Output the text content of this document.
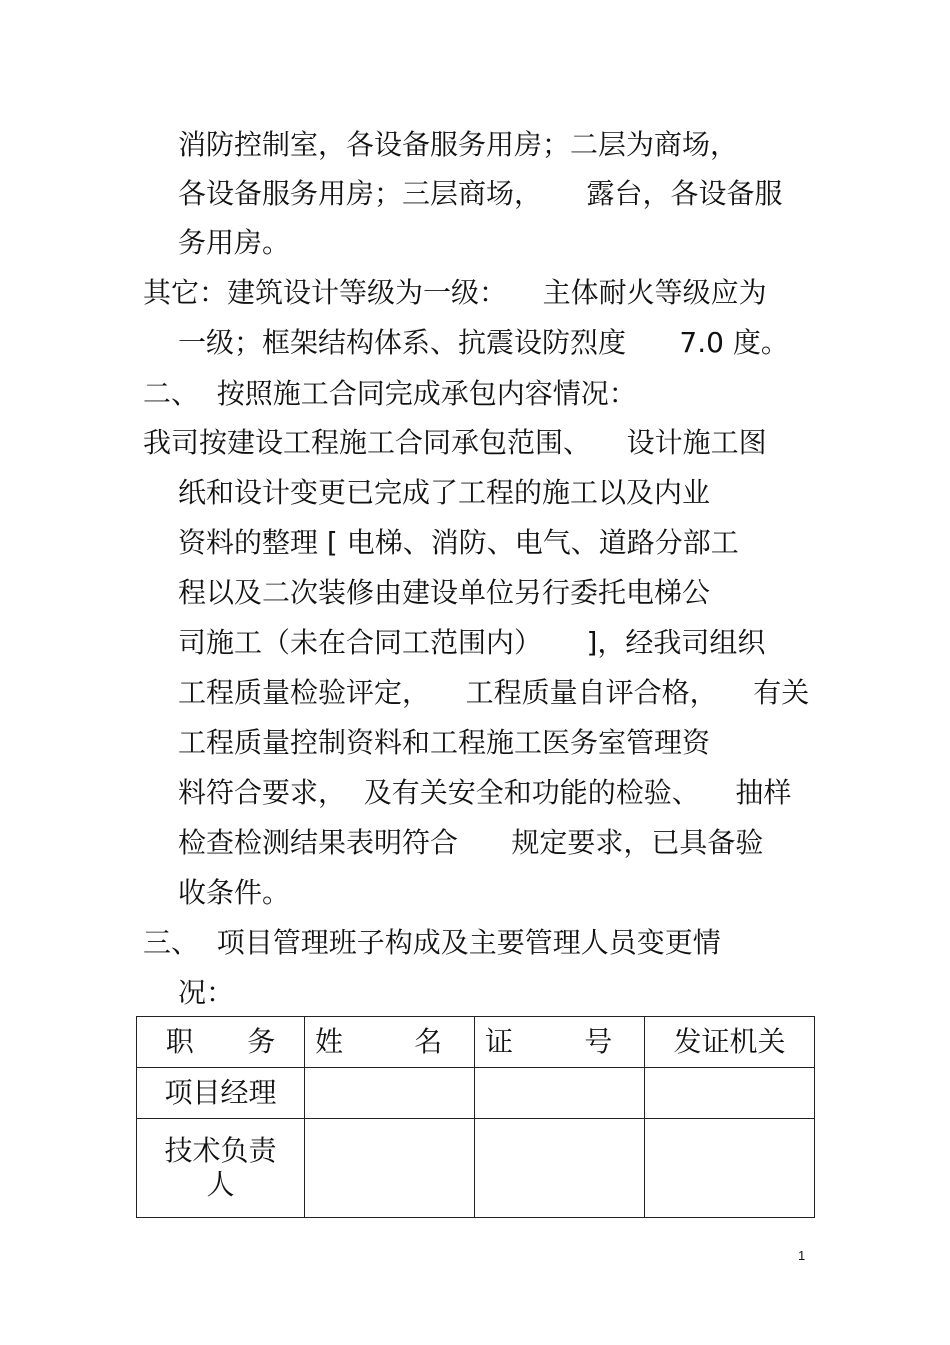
消防控制室，各设备服务用房；二层为商场，
各设备服务用房；三层商场，     露台，各设备服
务用房。
其它：建筑设计等级为一级：    主体耐火等级应为
一级；框架结构体系、抗震设防烈度      7.0 度。
二、  按照施工合同完成承包内容情况：
我司按建设工程施工合同承包范围、    设计施工图
纸和设计变更已完成了工程的施工以及内业
资料的整理 [ 电梯、消防、电气、道路分部工
程以及二次装修由建设单位另行委托电梯公
司施工（未在合同工范围内）     ]，经我司组织
工程质量检验评定，    工程质量自评合格，    有关
工程质量控制资料和工程施工医务室管理资
料符合要求，  及有关安全和功能的检验、    抽样
检查检测结果表明符合      规定要求，已具备验
收条件。
三、  项目管理班子构成及主要管理人员变更情
况：
职      务	姓        名	证        号	发证机关
项目经理			
技术负责
人			
1
